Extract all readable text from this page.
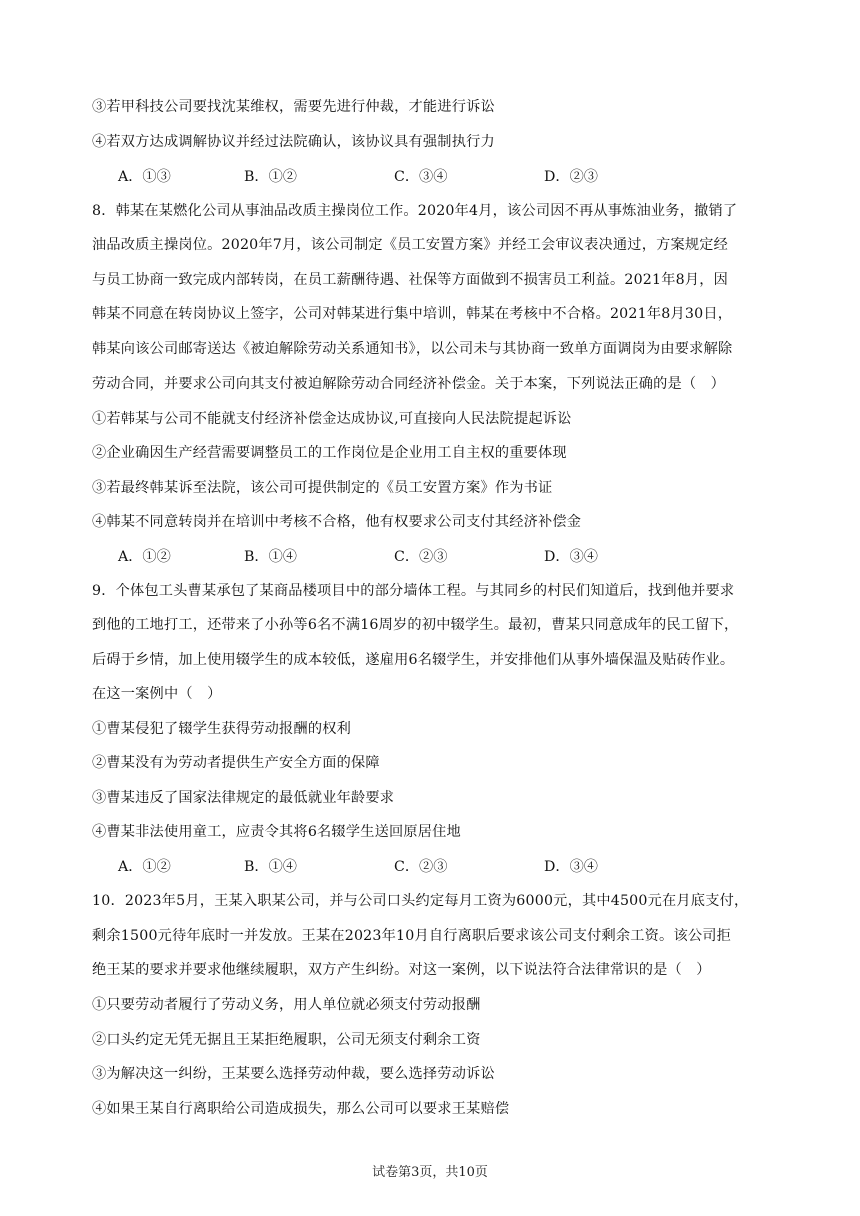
③若甲科技公司要找沈某维权，需要先进行仲裁，才能进行诉讼
④若双方达成调解协议并经过法院确认，该协议具有强制执行力
A．①③	B．①②	C．③④	D．②③
8．韩某在某燃化公司从事油品改质主操岗位工作。2020年4月，该公司因不再从事炼油业务，撤销了
油品改质主操岗位。2020年7月，该公司制定《员工安置方案》并经工会审议表决通过，方案规定经
与员工协商一致完成内部转岗，在员工薪酬待遇、社保等方面做到不损害员工利益。2021年8月，因
韩某不同意在转岗协议上签字，公司对韩某进行集中培训，韩某在考核中不合格。2021年8月30日，
韩某向该公司邮寄送达《被迫解除劳动关系通知书》，以公司未与其协商一致单方面调岗为由要求解除
劳动合同，并要求公司向其支付被迫解除劳动合同经济补偿金。关于本案，下列说法正确的是（　）
①若韩某与公司不能就支付经济补偿金达成协议,可直接向人民法院提起诉讼
②企业确因生产经营需要调整员工的工作岗位是企业用工自主权的重要体现
③若最终韩某诉至法院，该公司可提供制定的《员工安置方案》作为书证
④韩某不同意转岗并在培训中考核不合格，他有权要求公司支付其经济补偿金
A．①②	B．①④	C．②③	D．③④
9．个体包工头曹某承包了某商品楼项目中的部分墙体工程。与其同乡的村民们知道后，找到他并要求
到他的工地打工，还带来了小孙等6名不满16周岁的初中辍学生。最初，曹某只同意成年的民工留下，
后碍于乡情，加上使用辍学生的成本较低，遂雇用6名辍学生，并安排他们从事外墙保温及贴砖作业。
在这一案例中（　）
①曹某侵犯了辍学生获得劳动报酬的权利
②曹某没有为劳动者提供生产安全方面的保障
③曹某违反了国家法律规定的最低就业年龄要求
④曹某非法使用童工，应责令其将6名辍学生送回原居住地
A．①②	B．①④	C．②③	D．③④
10．2023年5月，王某入职某公司，并与公司口头约定每月工资为6000元，其中4500元在月底支付，
剩余1500元待年底时一并发放。王某在2023年10月自行离职后要求该公司支付剩余工资。该公司拒
绝王某的要求并要求他继续履职，双方产生纠纷。对这一案例，以下说法符合法律常识的是（　）
①只要劳动者履行了劳动义务，用人单位就必须支付劳动报酬
②口头约定无凭无据且王某拒绝履职，公司无须支付剩余工资
③为解决这一纠纷，王某要么选择劳动仲裁，要么选择劳动诉讼
④如果王某自行离职给公司造成损失，那么公司可以要求王某赔偿
试卷第3页，共10页
